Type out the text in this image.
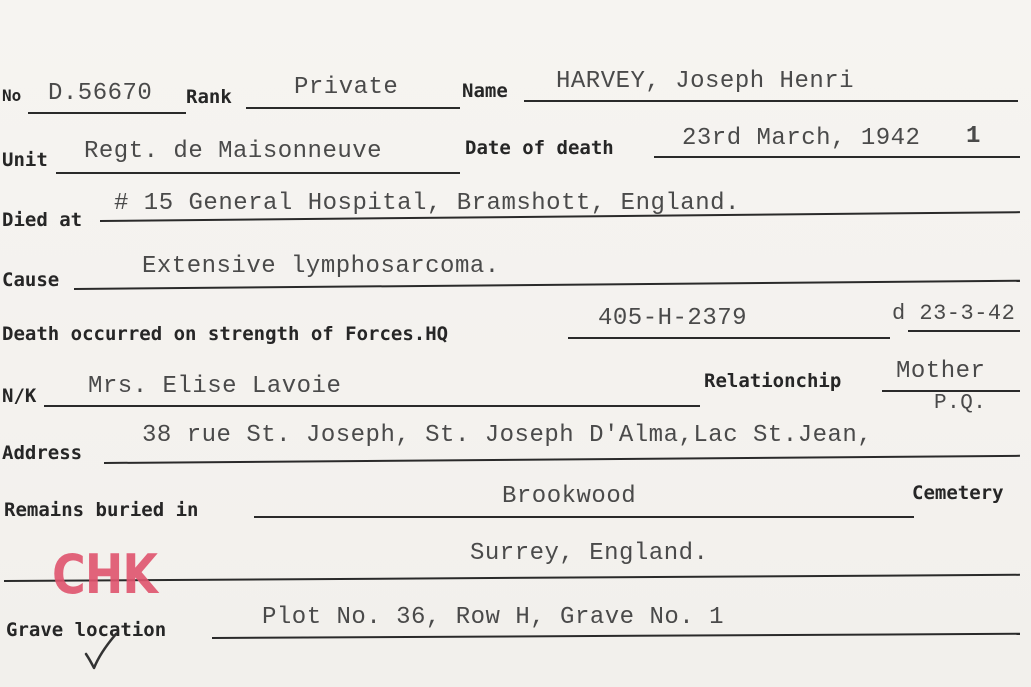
No D.56670 Rank	Private	Name HARVEY, Joseph Henri
Unit Regt. de Maisonneuve	Date of death	23rd March, 1942 1
Died at
# 15 General Hospital, Bramshott, England.
Cause	Extensive lymphosarcoma.
Death occurred on strength of Forces.HQ
405-H-2379	d 23-3-42
N/K Mrs. Elise Lavoie	Relationchip Mother
P.Q.
Address
38 rue St. Joseph, St. Joseph D'Alma,Lac St.Jean,
Remains buried in	Brookwood	Cemetery
Surrey, England.
CHK
Grave location	Plot No. 36, Row H, Grave No. 1
